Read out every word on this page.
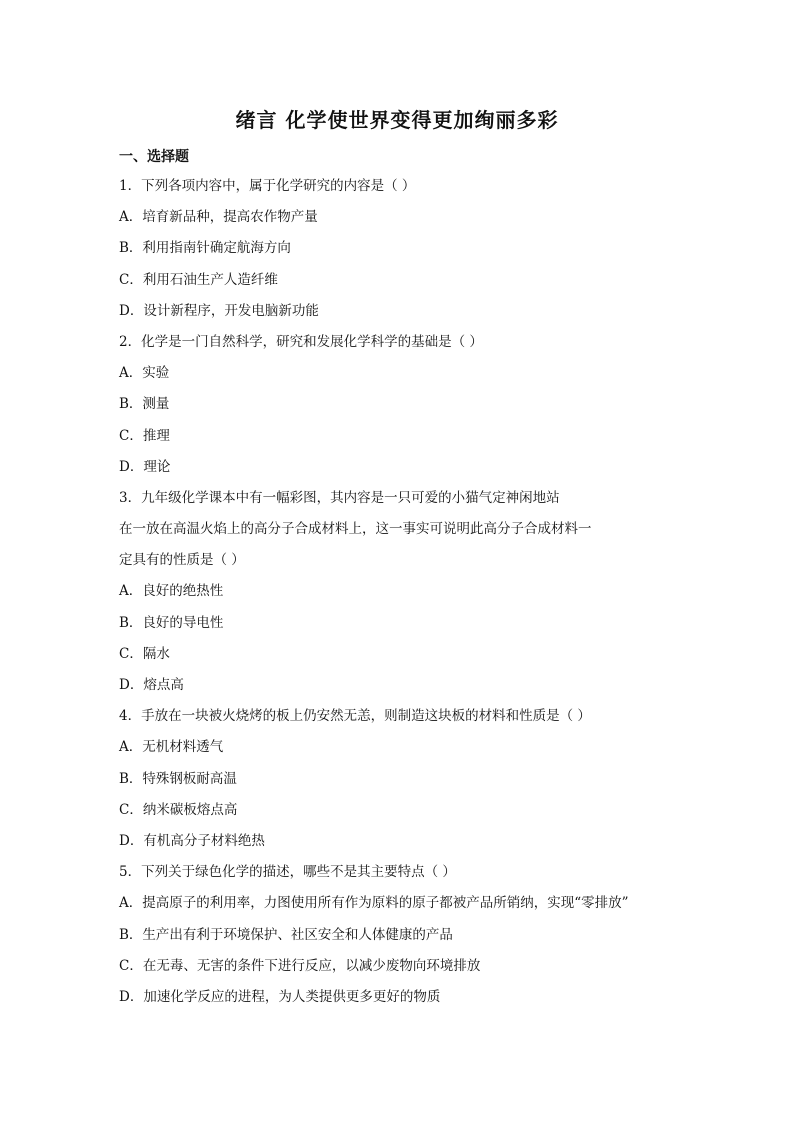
绪言 化学使世界变得更加绚丽多彩
一、选择题
1．下列各项内容中，属于化学研究的内容是（ ）
A．培育新品种，提高农作物产量
B．利用指南针确定航海方向
C．利用石油生产人造纤维
D．设计新程序，开发电脑新功能
2．化学是一门自然科学，研究和发展化学科学的基础是（ ）
A．实验
B．测量
C．推理
D．理论
3．九年级化学课本中有一幅彩图，其内容是一只可爱的小猫气定神闲地站
在一放在高温火焰上的高分子合成材料上，这一事实可说明此高分子合成材料一
定具有的性质是（ ）
A．良好的绝热性
B．良好的导电性
C．隔水
D．熔点高
4．手放在一块被火烧烤的板上仍安然无恙，则制造这块板的材料和性质是（ ）
A．无机材料透气
B．特殊钢板耐高温
C．纳米碳板熔点高
D．有机高分子材料绝热
5．下列关于绿色化学的描述，哪些不是其主要特点（ ）
A．提高原子的利用率，力图使用所有作为原料的原子都被产品所销纳，实现“零排放”
B．生产出有利于环境保护、社区安全和人体健康的产品
C．在无毒、无害的条件下进行反应，以减少废物向环境排放
D．加速化学反应的进程，为人类提供更多更好的物质
